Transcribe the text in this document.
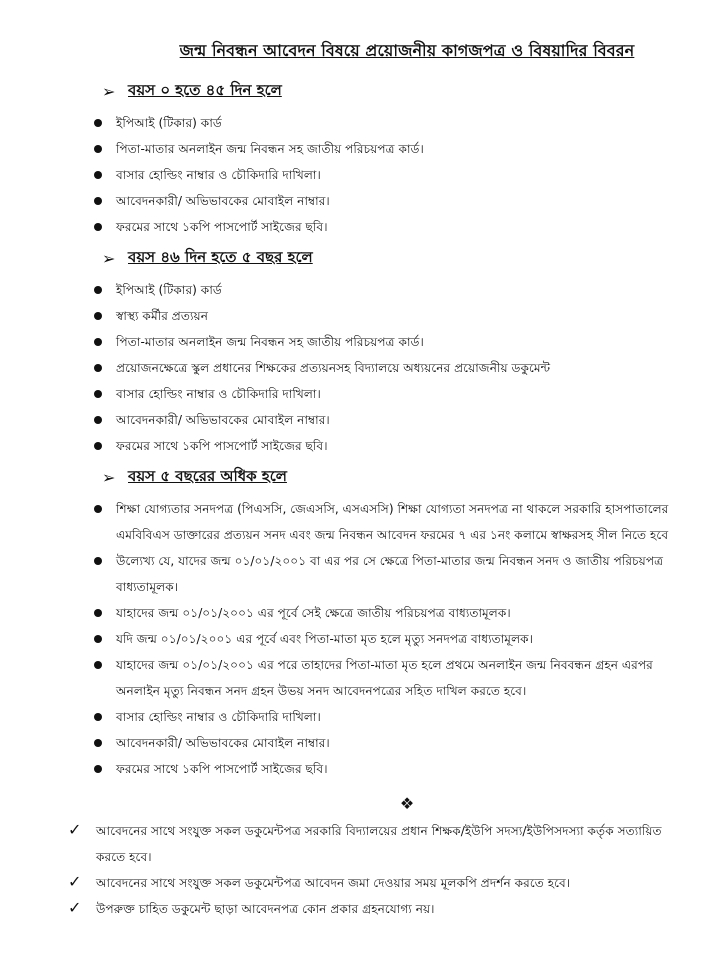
জন্ম নিবন্ধন আবেদন বিষয়ে প্রয়োজনীয় কাগজপত্র ও বিষয়াদির বিবরন
➢ বয়স ০ হতে ৪৫ দিন হলে
ইপিআই (টিকার) কার্ড
পিতা-মাতার অনলাইন জন্ম নিবন্ধন সহ জাতীয় পরিচয়পত্র কার্ড।
বাসার হোল্ডিং নাম্বার ও চৌকিদারি দাখিলা।
আবেদনকারী/ অভিভাবকের মোবাইল নাম্বার।
ফরমের সাথে ১কপি পাসপোর্ট সাইজের ছবি।
➢ বয়স ৪৬ দিন হতে ৫ বছর হলে
ইপিআই (টিকার) কার্ড
স্বাস্থ্য কর্মীর প্রত্যয়ন
পিতা-মাতার অনলাইন জন্ম নিবন্ধন সহ জাতীয় পরিচয়পত্র কার্ড।
প্রয়োজনক্ষেত্রে স্কুল প্রধানের শিক্ষকের প্রত্যয়নসহ বিদ্যালয়ে অধ্যয়নের প্রয়োজনীয় ডকুমেন্ট
বাসার হোল্ডিং নাম্বার ও চৌকিদারি দাখিলা।
আবেদনকারী/ অভিভাবকের মোবাইল নাম্বার।
ফরমের সাথে ১কপি পাসপোর্ট সাইজের ছবি।
➢ বয়স ৫ বছরের অধিক হলে
শিক্ষা যোগ্যতার সনদপত্র (পিএসসি, জেএসসি, এসএসসি) শিক্ষা যোগ্যতা সনদপত্র না থাকলে সরকারি হাসপাতালের এমবিবিএস ডাক্তারের প্রত্যয়ন সনদ এবং জন্ম নিবন্ধন আবেদন ফরমের ৭ এর ১নং কলামে স্বাক্ষরসহ সীল নিতে হবে
উল্যেখ্য যে, যাদের জন্ম ০১/০১/২০০১ বা এর পর সে ক্ষেত্রে পিতা-মাতার জন্ম নিবন্ধন সনদ ও জাতীয় পরিচয়পত্র বাধ্যতামূলক।
যাহাদের জন্ম ০১/০১/২০০১ এর পূর্বে সেই ক্ষেত্রে জাতীয় পরিচয়পত্র বাধ্যতামূলক।
যদি জন্ম ০১/০১/২০০১ এর পূর্বে এবং পিতা-মাতা মৃত হলে মৃত্যু সনদপত্র বাধ্যতামূলক।
যাহাদের জন্ম ০১/০১/২০০১ এর পরে তাহাদের পিতা-মাতা মৃত হলে প্রথমে অনলাইন জন্ম নিববন্ধন গ্রহন এরপর অনলাইন মৃত্যু নিবন্ধন সনদ গ্রহন উভয় সনদ আবেদনপত্রের সহিত দাখিল করতে হবে।
বাসার হোল্ডিং নাম্বার ও চৌকিদারি দাখিলা।
আবেদনকারী/ অভিভাবকের মোবাইল নাম্বার।
ফরমের সাথে ১কপি পাসপোর্ট সাইজের ছবি।
❖
✓	আবেদনের সাথে সংযুক্ত সকল ডকুমেন্টপত্র সরকারি বিদ্যালয়ের প্রধান শিক্ষক/ইউপি সদস্য/ইউপিসদস্যা কর্তৃক সত্যায়িত করতে হবে।
✓	আবেদনের সাথে সংযুক্ত সকল ডকুমেন্টপত্র আবেদন জমা দেওয়ার সময় মূলকপি প্রদর্শন করতে হবে।
✓	উপরুক্ত চাহিত ডকুমেন্ট ছাড়া আবেদনপত্র কোন প্রকার গ্রহনযোগ্য নয়।
